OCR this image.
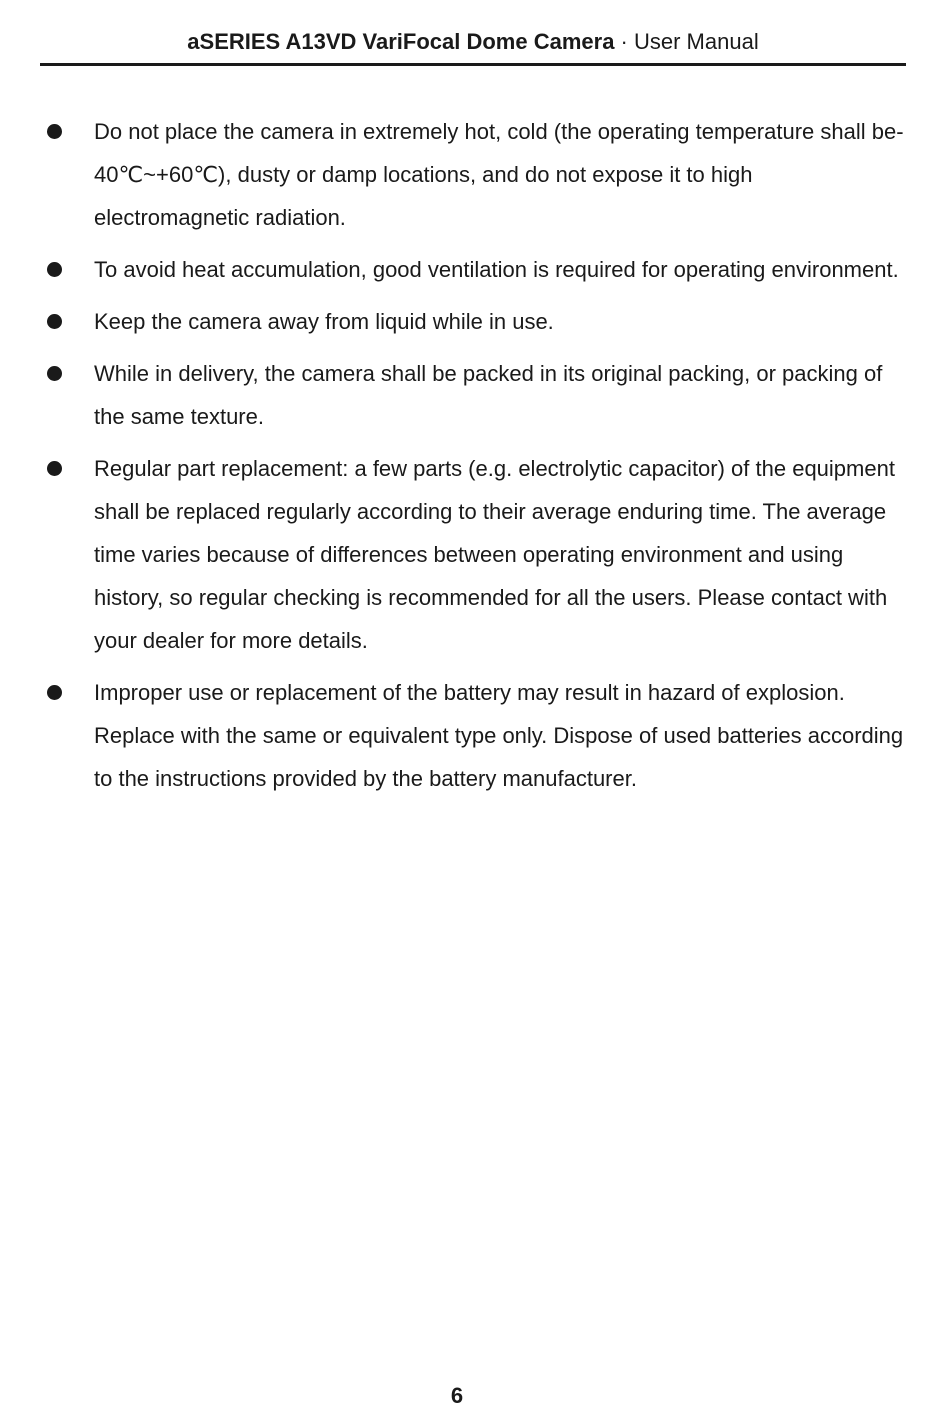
aSERIES A13VD VariFocal Dome Camera · User Manual
Do not place the camera in extremely hot, cold (the operating temperature shall be-40℃~+60℃), dusty or damp locations, and do not expose it to high electromagnetic radiation.
To avoid heat accumulation, good ventilation is required for operating environment.
Keep the camera away from liquid while in use.
While in delivery, the camera shall be packed in its original packing, or packing of the same texture.
Regular part replacement: a few parts (e.g. electrolytic capacitor) of the equipment shall be replaced regularly according to their average enduring time. The average time varies because of differences between operating environment and using history, so regular checking is recommended for all the users. Please contact with your dealer for more details.
Improper use or replacement of the battery may result in hazard of explosion. Replace with the same or equivalent type only. Dispose of used batteries according to the instructions provided by the battery manufacturer.
6
